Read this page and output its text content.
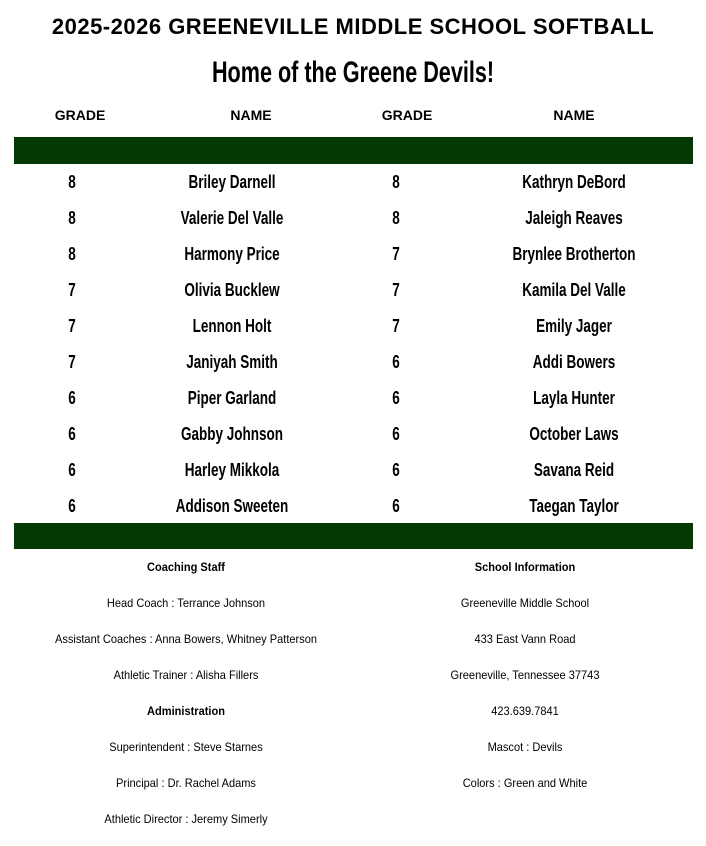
2025-2026 GREENEVILLE MIDDLE SCHOOL SOFTBALL
Home of the Greene Devils!
GRADE	NAME	GRADE	NAME
8	Briley Darnell	8	Kathryn DeBord
8	Valerie Del Valle	8	Jaleigh Reaves
8	Harmony Price	7	Brynlee Brotherton
7	Olivia Bucklew	7	Kamila Del Valle
7	Lennon Holt	7	Emily Jager
7	Janiyah Smith	6	Addi Bowers
6	Piper Garland	6	Layla Hunter
6	Gabby Johnson	6	October Laws
6	Harley Mikkola	6	Savana Reid
6	Addison Sweeten	6	Taegan Taylor
Coaching Staff
Head Coach : Terrance Johnson
Assistant Coaches : Anna Bowers, Whitney Patterson
Athletic Trainer : Alisha Fillers
Administration
Superintendent : Steve Starnes
Principal : Dr. Rachel Adams
Athletic Director : Jeremy Simerly
School Information
Greeneville Middle School
433 East Vann Road
Greeneville, Tennessee 37743
423.639.7841
Mascot : Devils
Colors : Green and White
